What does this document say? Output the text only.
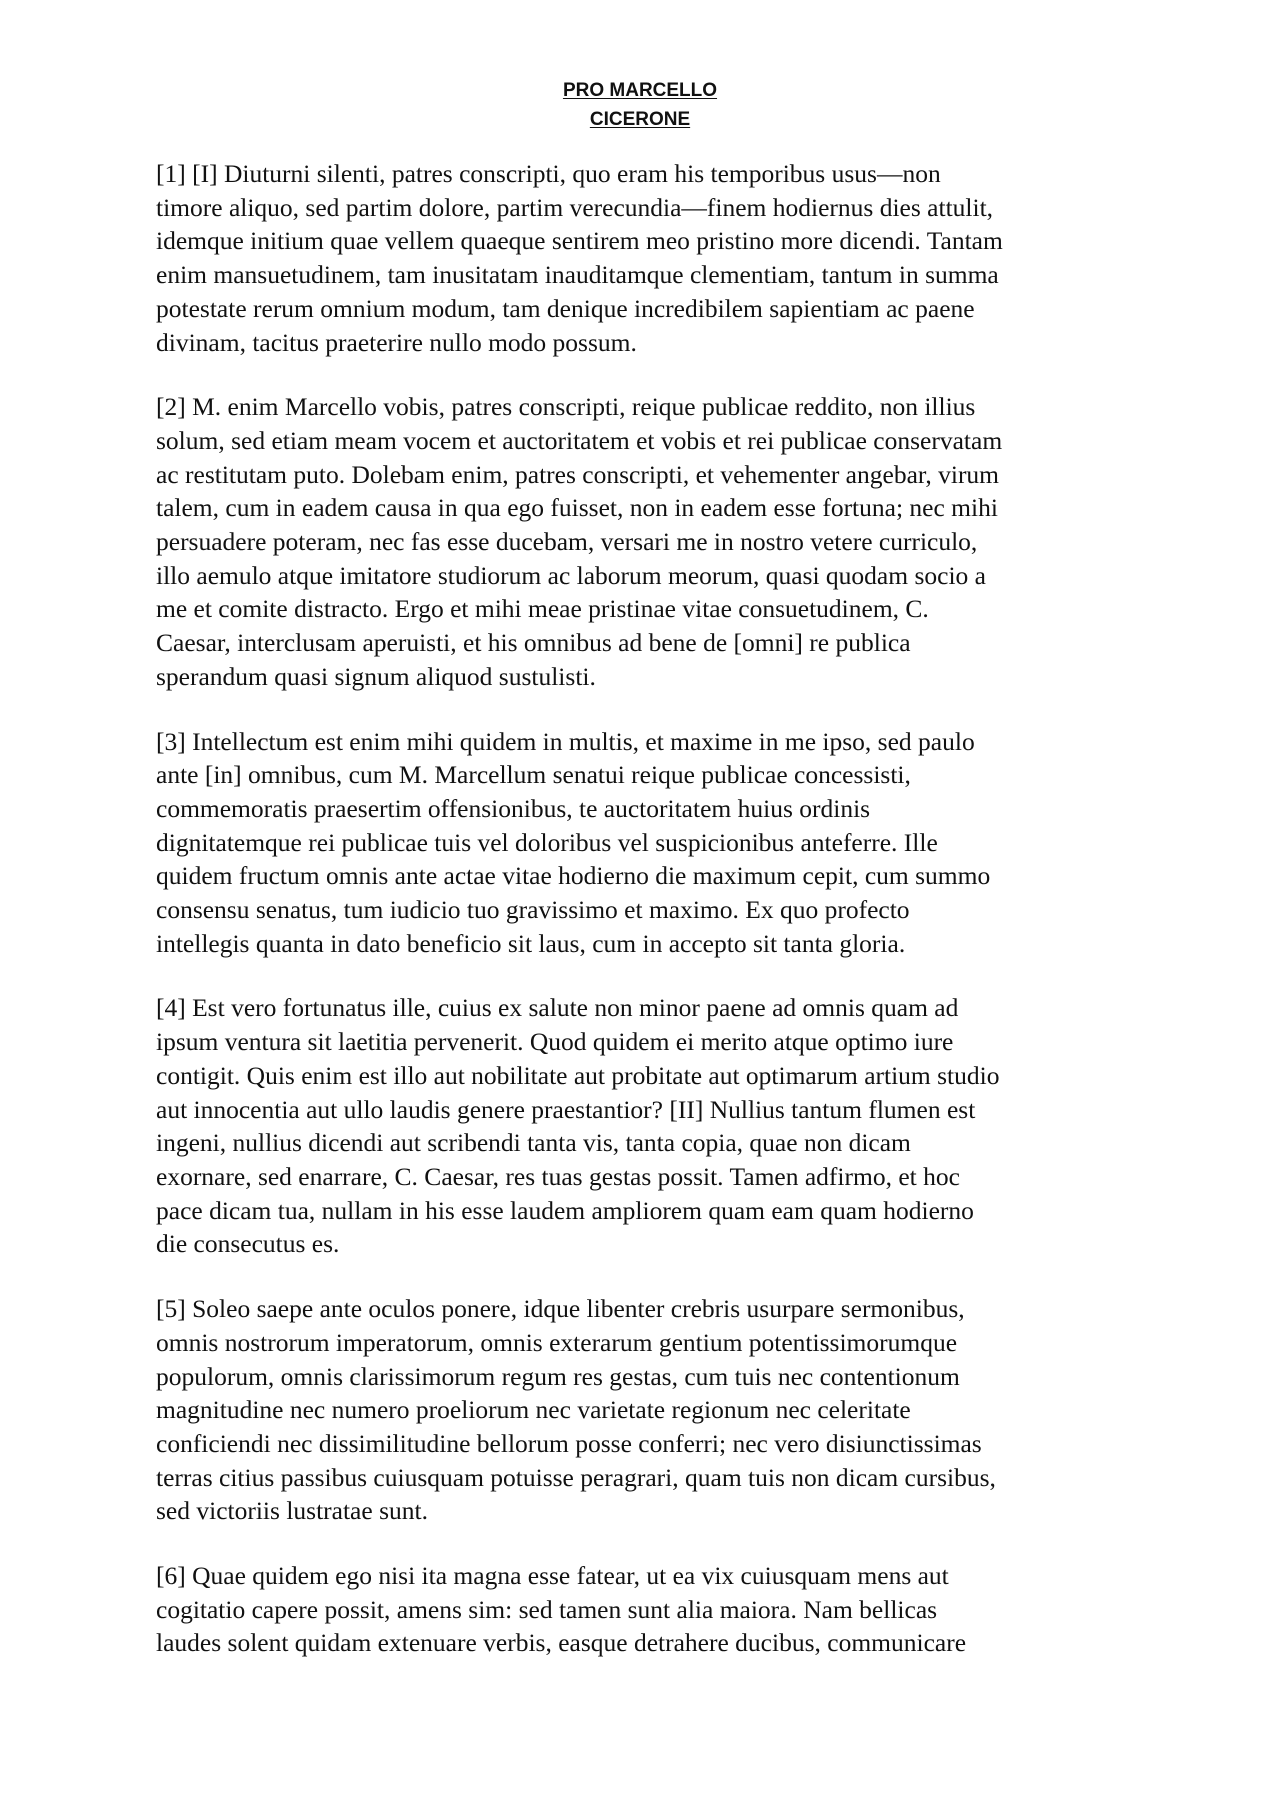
PRO MARCELLO
CICERONE

[1] [I] Diuturni silenti, patres conscripti, quo eram his temporibus usus—non
timore aliquo, sed partim dolore, partim verecundia—finem hodiernus dies attulit,
idemque initium quae vellem quaeque sentirem meo pristino more dicendi. Tantam
enim mansuetudinem, tam inusitatam inauditamque clementiam, tantum in summa
potestate rerum omnium modum, tam denique incredibilem sapientiam ac paene
divinam, tacitus praeterire nullo modo possum.

[2] M. enim Marcello vobis, patres conscripti, reique publicae reddito, non illius
solum, sed etiam meam vocem et auctoritatem et vobis et rei publicae conservatam
ac restitutam puto. Dolebam enim, patres conscripti, et vehementer angebar, virum
talem, cum in eadem causa in qua ego fuisset, non in eadem esse fortuna; nec mihi
persuadere poteram, nec fas esse ducebam, versari me in nostro vetere curriculo,
illo aemulo atque imitatore studiorum ac laborum meorum, quasi quodam socio a
me et comite distracto. Ergo et mihi meae pristinae vitae consuetudinem, C.
Caesar, interclusam aperuisti, et his omnibus ad bene de [omni] re publica
sperandum quasi signum aliquod sustulisti.

[3] Intellectum est enim mihi quidem in multis, et maxime in me ipso, sed paulo
ante [in] omnibus, cum M. Marcellum senatui reique publicae concessisti,
commemoratis praesertim offensionibus, te auctoritatem huius ordinis
dignitatemque rei publicae tuis vel doloribus vel suspicionibus anteferre. Ille
quidem fructum omnis ante actae vitae hodierno die maximum cepit, cum summo
consensu senatus, tum iudicio tuo gravissimo et maximo. Ex quo profecto
intellegis quanta in dato beneficio sit laus, cum in accepto sit tanta gloria.

[4] Est vero fortunatus ille, cuius ex salute non minor paene ad omnis quam ad
ipsum ventura sit laetitia pervenerit. Quod quidem ei merito atque optimo iure
contigit. Quis enim est illo aut nobilitate aut probitate aut optimarum artium studio
aut innocentia aut ullo laudis genere praestantior? [II] Nullius tantum flumen est
ingeni, nullius dicendi aut scribendi tanta vis, tanta copia, quae non dicam
exornare, sed enarrare, C. Caesar, res tuas gestas possit. Tamen adfirmo, et hoc
pace dicam tua, nullam in his esse laudem ampliorem quam eam quam hodierno
die consecutus es.

[5] Soleo saepe ante oculos ponere, idque libenter crebris usurpare sermonibus,
omnis nostrorum imperatorum, omnis exterarum gentium potentissimorumque
populorum, omnis clarissimorum regum res gestas, cum tuis nec contentionum
magnitudine nec numero proeliorum nec varietate regionum nec celeritate
conficiendi nec dissimilitudine bellorum posse conferri; nec vero disiunctissimas
terras citius passibus cuiusquam potuisse peragrari, quam tuis non dicam cursibus,
sed victoriis lustratae sunt.

[6] Quae quidem ego nisi ita magna esse fatear, ut ea vix cuiusquam mens aut
cogitatio capere possit, amens sim: sed tamen sunt alia maiora. Nam bellicas
laudes solent quidam extenuare verbis, easque detrahere ducibus, communicare
